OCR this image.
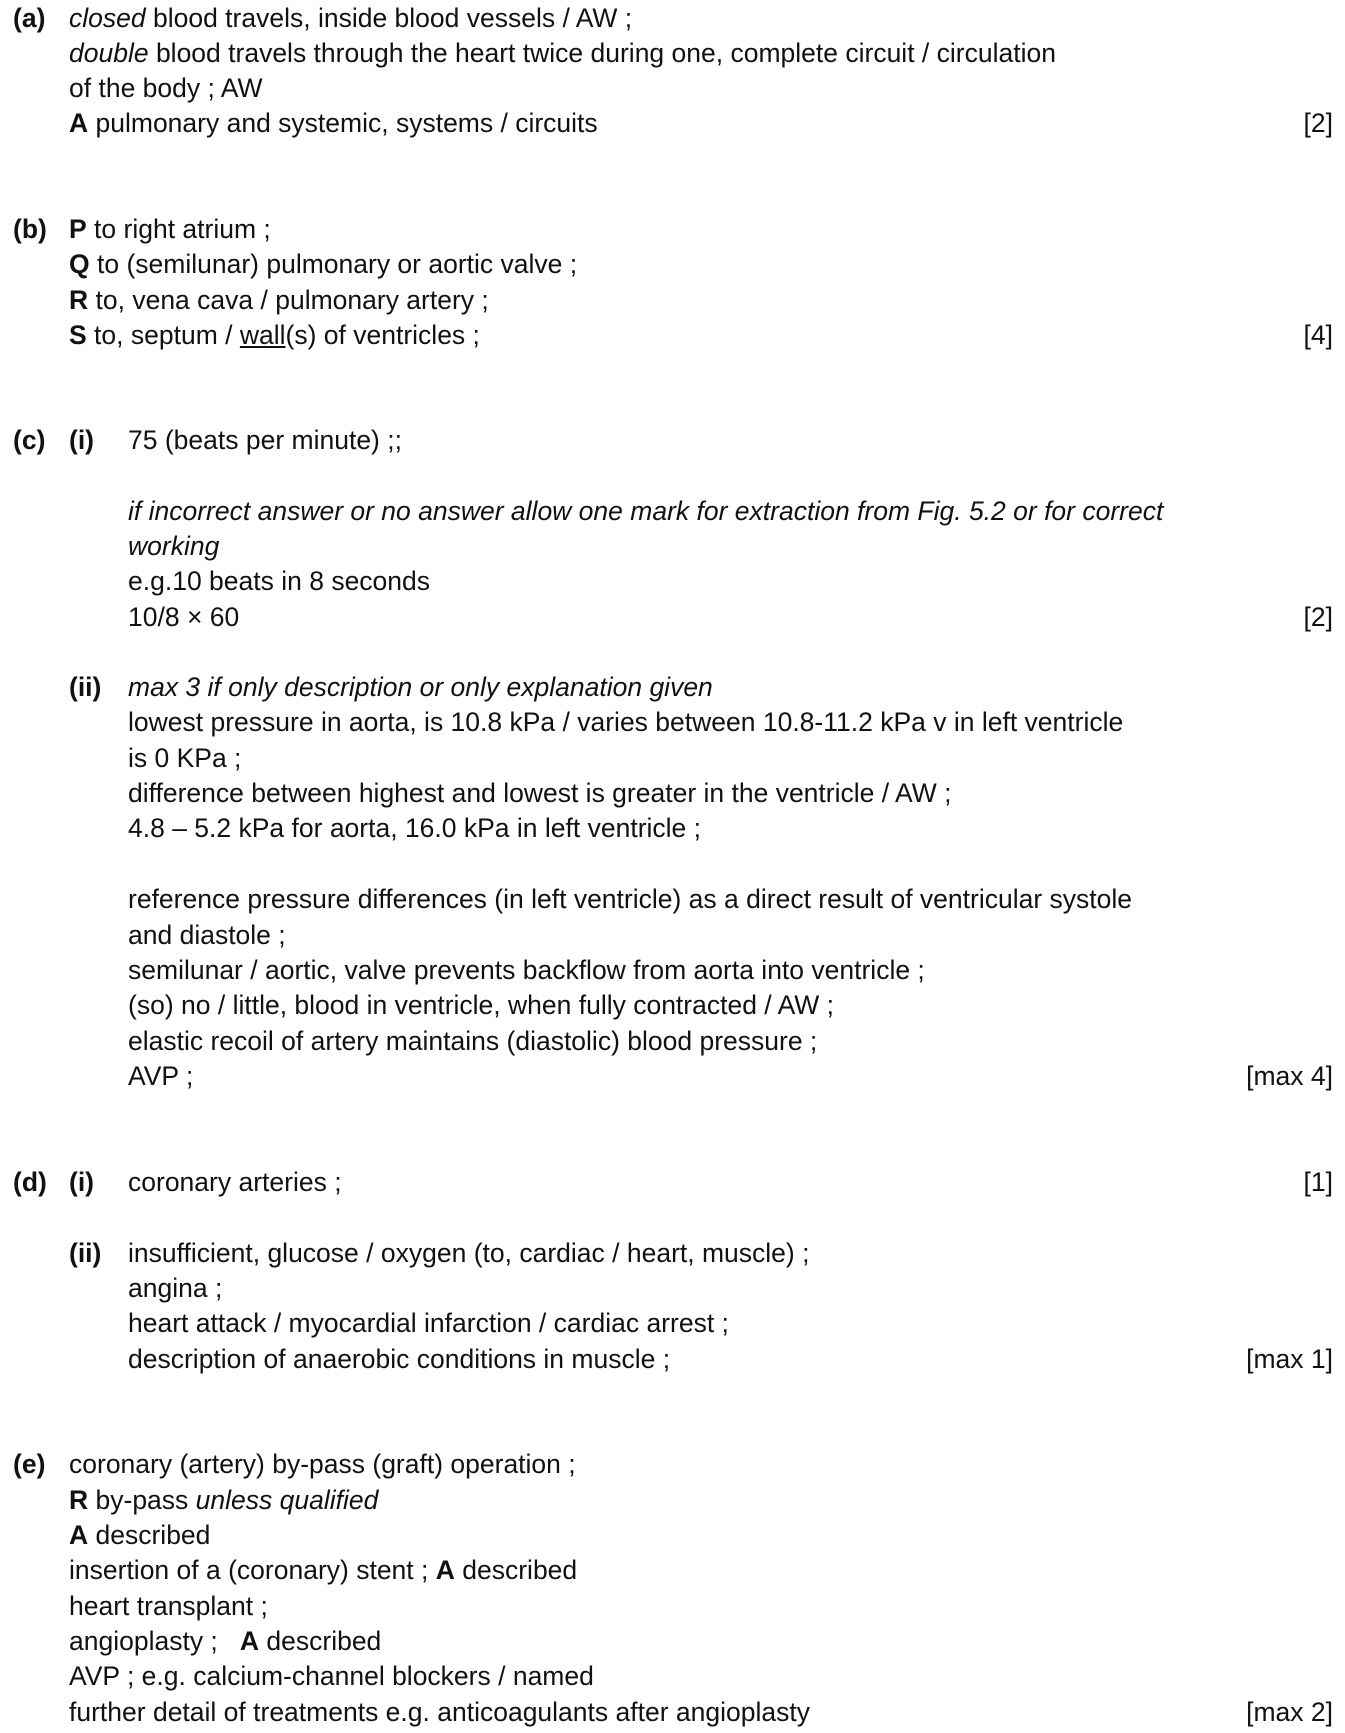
(a) closed blood travels, inside blood vessels / AW ;
double blood travels through the heart twice during one, complete circuit / circulation
of the body ; AW
A pulmonary and systemic, systems / circuits	[2]
(b) P to right atrium ;
Q to (semilunar) pulmonary or aortic valve ;
R to, vena cava / pulmonary artery ;
S to, septum / wall(s) of ventricles ;	[4]
(c) (i) 75 (beats per minute) ;;
if incorrect answer or no answer allow one mark for extraction from Fig. 5.2 or for correct
working
e.g.10 beats in 8 seconds
10/8 × 60	[2]
(ii) max 3 if only description or only explanation given
lowest pressure in aorta, is 10.8 kPa / varies between 10.8-11.2 kPa v in left ventricle
is 0 KPa ;
difference between highest and lowest is greater in the ventricle / AW ;
4.8 – 5.2 kPa for aorta, 16.0 kPa in left ventricle ;
reference pressure differences (in left ventricle) as a direct result of ventricular systole
and diastole ;
semilunar / aortic, valve prevents backflow from aorta into ventricle ;
(so) no / little, blood in ventricle, when fully contracted / AW ;
elastic recoil of artery maintains (diastolic) blood pressure ;
AVP ;	[max 4]
(d) (i) coronary arteries ;	[1]
(ii) insufficient, glucose / oxygen (to, cardiac / heart, muscle) ;
angina ;
heart attack / myocardial infarction / cardiac arrest ;
description of anaerobic conditions in muscle ;	[max 1]
(e) coronary (artery) by-pass (graft) operation ;
R by-pass unless qualified
A described
insertion of a (coronary) stent ; A described
heart transplant ;
angioplasty ;   A described
AVP ; e.g. calcium-channel blockers / named
further detail of treatments e.g. anticoagulants after angioplasty	[max 2]
